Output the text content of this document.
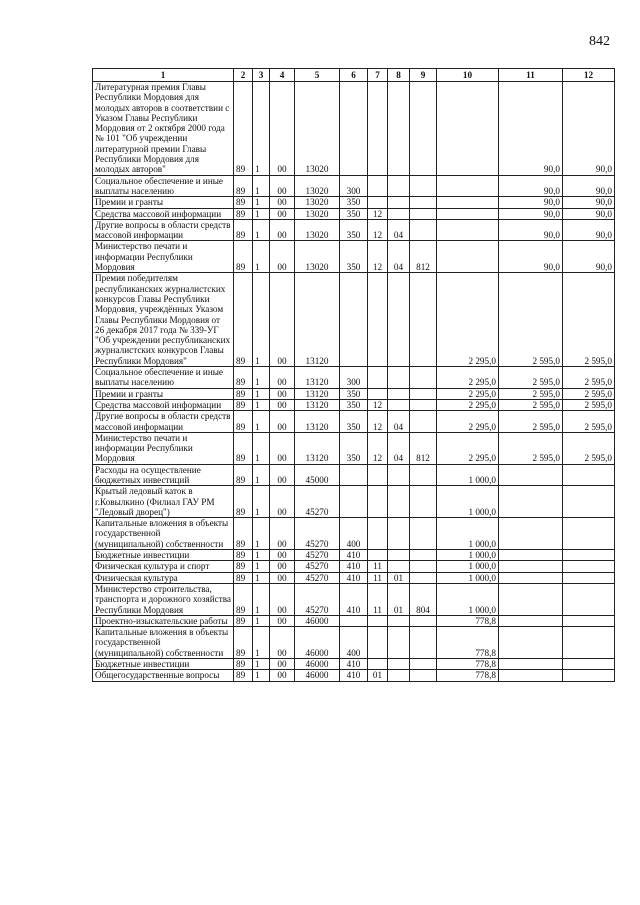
842
1	2	3	4	5	6	7	8	9	10	11	12
Литературная премия Главы Республики Мордовия для молодых авторов в соответствии с Указом Главы Республики Мордовия от 2 октября 2000 года № 101 "Об учреждении литературной премии Главы Республики Мордовия для молодых авторов"	89	1	00	13020						90,0	90,0
Социальное обеспечение и иные выплаты населению	89	1	00	13020	300					90,0	90,0
Премии и гранты	89	1	00	13020	350					90,0	90,0
Средства массовой информации	89	1	00	13020	350	12				90,0	90,0
Другие вопросы в области средств массовой информации	89	1	00	13020	350	12	04			90,0	90,0
Министерство печати и информации Республики Мордовия	89	1	00	13020	350	12	04	812		90,0	90,0
Премия победителям республиканских журналистских конкурсов Главы Республики Мордовия, учреждённых Указом Главы Республики Мордовия от 26 декабря 2017 года № 339-УГ "Об учреждении республиканских журналистских конкурсов Главы Республики Мордовия"	89	1	00	13120					2 295,0	2 595,0	2 595,0
Социальное обеспечение и иные выплаты населению	89	1	00	13120	300				2 295,0	2 595,0	2 595,0
Премии и гранты	89	1	00	13120	350				2 295,0	2 595,0	2 595,0
Средства массовой информации	89	1	00	13120	350	12			2 295,0	2 595,0	2 595,0
Другие вопросы в области средств массовой информации	89	1	00	13120	350	12	04		2 295,0	2 595,0	2 595,0
Министерство печати и информации Республики Мордовия	89	1	00	13120	350	12	04	812	2 295,0	2 595,0	2 595,0
Расходы на осуществление бюджетных инвестиций	89	1	00	45000					1 000,0		
Крытый ледовый каток в г.Ковылкино (Филиал ГАУ РМ "Ледовый дворец")	89	1	00	45270					1 000,0		
Капитальные вложения в объекты государственной (муниципальной) собственности	89	1	00	45270	400				1 000,0		
Бюджетные инвестиции	89	1	00	45270	410				1 000,0		
Физическая культура и спорт	89	1	00	45270	410	11			1 000,0		
Физическая культура	89	1	00	45270	410	11	01		1 000,0		
Министерство строительства, транспорта и дорожного хозяйства Республики Мордовия	89	1	00	45270	410	11	01	804	1 000,0		
Проектно-изыскательские работы	89	1	00	46000					778,8		
Капитальные вложения в объекты государственной (муниципальной) собственности	89	1	00	46000	400				778,8		
Бюджетные инвестиции	89	1	00	46000	410				778,8		
Общегосударственные вопросы	89	1	00	46000	410	01			778,8		
